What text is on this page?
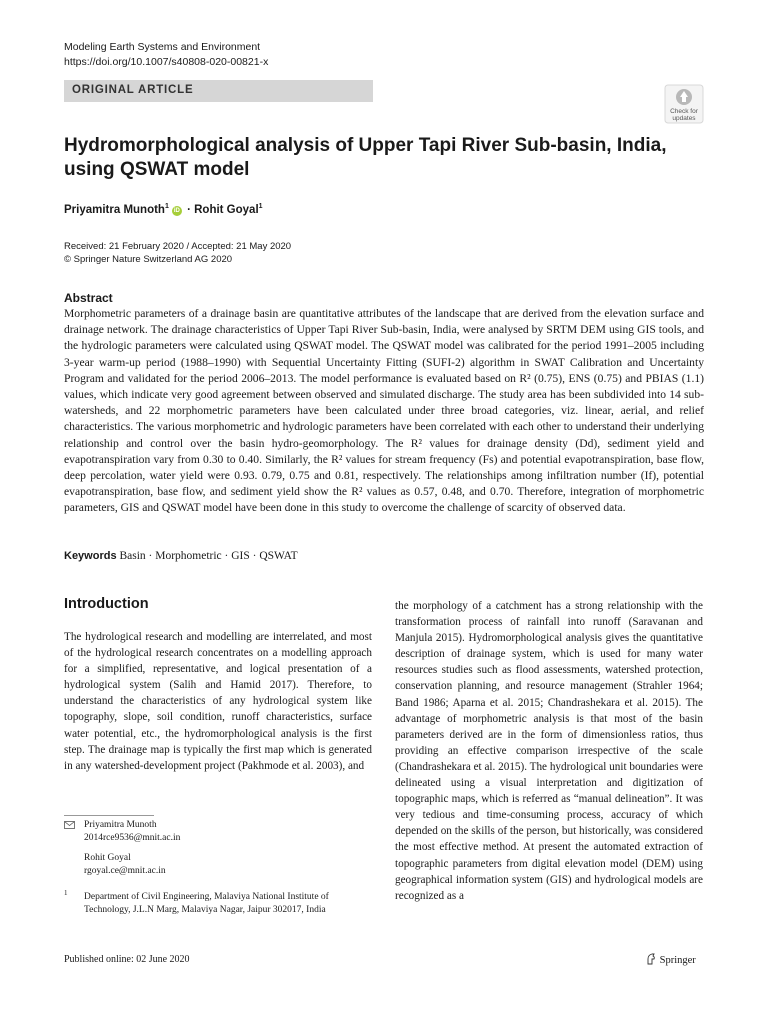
Modeling Earth Systems and Environment
https://doi.org/10.1007/s40808-020-00821-x
ORIGINAL ARTICLE
Check for
updates
Hydromorphological analysis of Upper Tapi River Sub-basin, India, using QSWAT model
Priyamitra Munoth$^1$iD · Rohit Goyal$^1$
Received: 21 February 2020 / Accepted: 21 May 2020
© Springer Nature Switzerland AG 2020
Abstract
Morphometric parameters of a drainage basin are quantitative attributes of the landscape that are derived from the elevation surface and drainage network. The drainage characteristics of Upper Tapi River Sub-basin, India, were analysed by SRTM DEM using GIS tools, and the hydrologic parameters were calculated using QSWAT model. The QSWAT model was calibrated for the period 1991–2005 including 3-year warm-up period (1988–1990) with Sequential Uncertainty Fitting (SUFI-2) algorithm in SWAT Calibration and Uncertainty Program and validated for the period 2006–2013. The model performance is evaluated based on R² (0.75), ENS (0.75) and PBIAS (1.1) values, which indicate very good agreement between observed and simulated discharge. The study area has been subdivided into 14 sub-watersheds, and 22 morphometric parameters have been calculated under three broad categories, viz. linear, aerial, and relief characteristics. The various morphometric and hydrologic parameters have been correlated with each other to understand their underlying relationship and control over the basin hydro-geomorphology. The R² values for drainage density (Dd), sediment yield and evapotranspiration vary from 0.30 to 0.40. Similarly, the R² values for stream frequency (Fs) and potential evapotranspiration, base flow, deep percolation, water yield were 0.93. 0.79, 0.75 and 0.81, respectively. The relationships among infiltration number (If), potential evapotranspiration, base flow, and sediment yield show the R² values as 0.57, 0.48, and 0.70. Therefore, integration of morphometric parameters, GIS and QSWAT model have been done in this study to overcome the challenge of scarcity of observed data.
Keywords Basin · Morphometric · GIS · QSWAT
Introduction
The hydrological research and modelling are interrelated, and most of the hydrological research concentrates on a modelling approach for a simplified, representative, and logical presentation of a hydrological system (Salih and Hamid 2017). Therefore, to understand the characteristics of any hydrological system like topography, slope, soil condition, runoff characteristics, surface water potential, etc., the hydromorphological analysis is the first step. The drainage map is typically the first map which is generated in any watershed-development project (Pakhmode et al. 2003), and
the morphology of a catchment has a strong relationship with the transformation process of rainfall into runoff (Saravanan and Manjula 2015). Hydromorphological analysis gives the quantitative description of drainage system, which is used for many water resources studies such as flood assessments, watershed protection, conservation planning, and resource management (Strahler 1964; Band 1986; Aparna et al. 2015; Chandrashekara et al. 2015). The advantage of morphometric analysis is that most of the basin parameters derived are in the form of dimensionless ratios, thus providing an effective comparison irrespective of the scale (Chandrashekara et al. 2015). The hydrological unit boundaries were delineated using a visual interpretation and digitization of topographic maps, which is referred as “manual delineation”. It was very tedious and time-consuming process, accuracy of which depended on the skills of the person, but historically, was considered the most effective method. At present the automated extraction of topographic parameters from digital elevation model (DEM) using geographical information system (GIS) and hydrological models are recognized as a
Priyamitra Munoth
2014rce9536@mnit.ac.in
Rohit Goyal
rgoyal.ce@mnit.ac.in
1 Department of Civil Engineering, Malaviya National Institute of Technology, J.L.N Marg, Malaviya Nagar, Jaipur 302017, India
Published online: 02 June 2020	Springer
